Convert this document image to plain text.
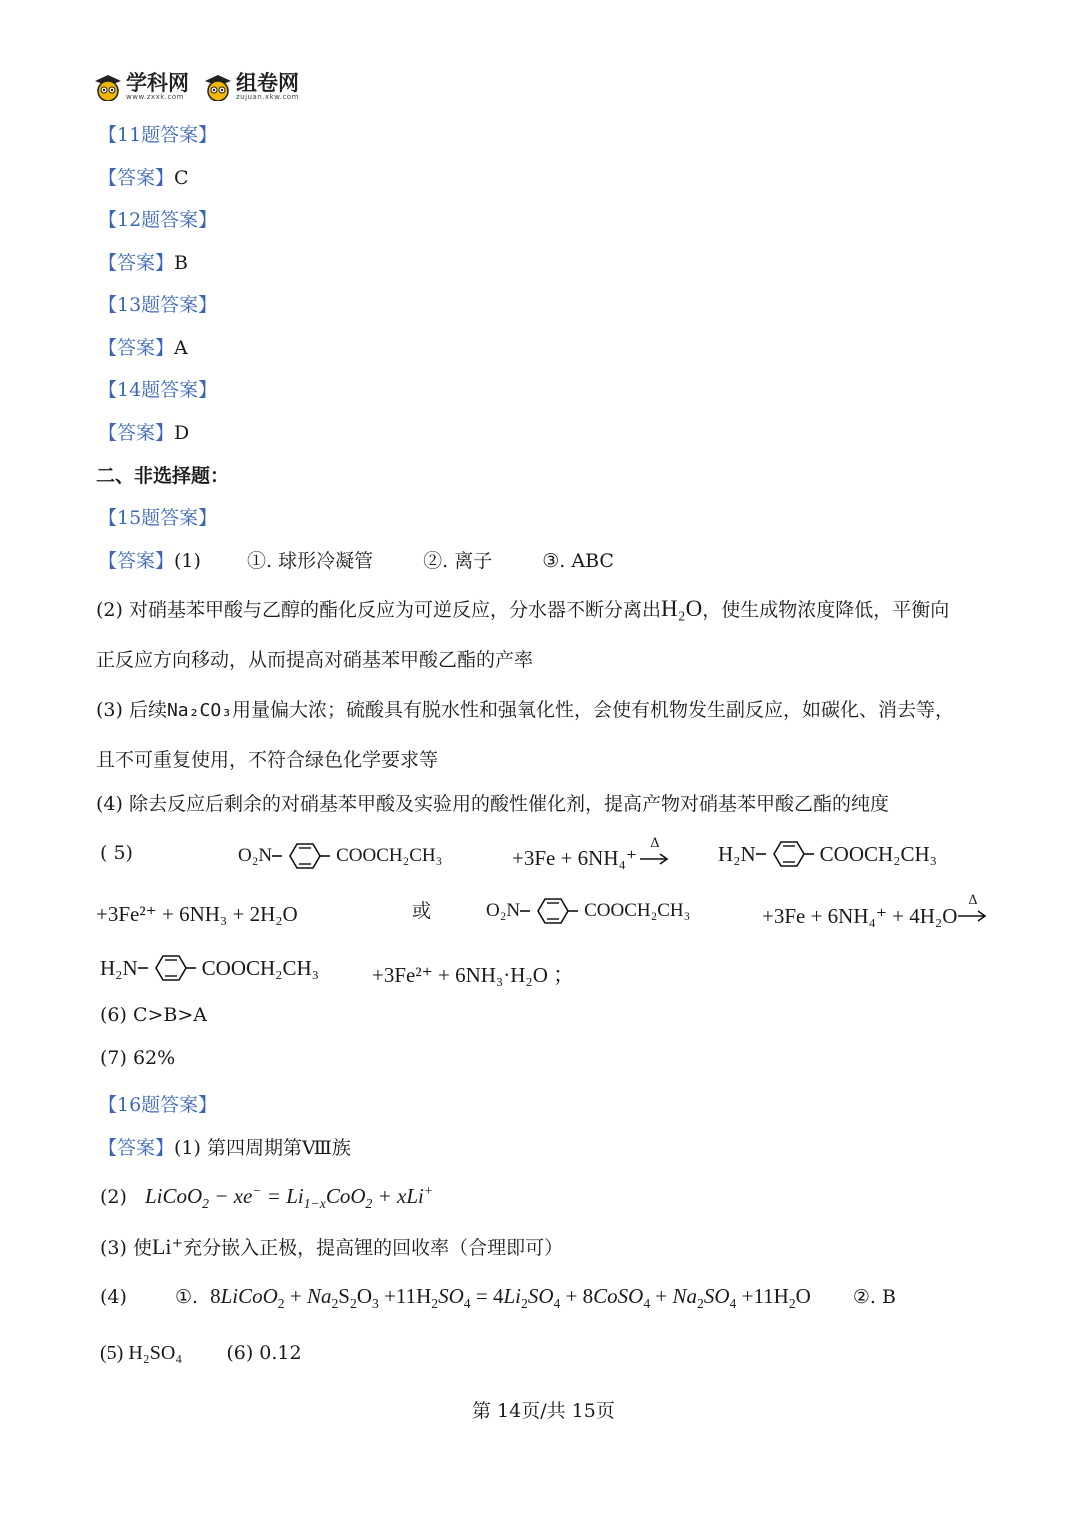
学科网
www.zxxk.com
组卷网
zujuan.xkw.com
【11题答案】
【答案】C
【12题答案】
【答案】B
【13题答案】
【答案】A
【14题答案】
【答案】D
二、非选择题：
【15题答案】
【答案】(1) ①. 球形冷凝管	②. 离子	③. ABC
(2) 对硝基苯甲酸与乙醇的酯化反应为可逆反应，分水器不断分离出H₂O，使生成物浓度降低，平衡向
正反应方向移动，从而提高对硝基苯甲酸乙酯的产率
(3) 后续Na₂CO₃用量偏大浓；硫酸具有脱水性和强氧化性，会使有机物发生副反应，如碳化、消去等，
且不可重复使用，不符合绿色化学要求等
(4) 除去反应后剩余的对硝基苯甲酸及实验用的酸性催化剂，提高产物对硝基苯甲酸乙酯的纯度
( 5)	O₂N	COOCH₂CH₃	+3Fe + 6NH₄⁺
Δ	H₂N	COOCH₂CH₃
+3Fe²⁺ + 6NH₃ + 2H₂O	或	O₂N	COOCH₂CH₃	+3Fe + 6NH₄⁺ + 4H₂O
Δ
H₂N	COOCH₂CH₃	+3Fe²⁺ + 6NH₃·H₂O ；
(6) C>B>A
(7) 62%
【16题答案】
【答案】(1) 第四周期第Ⅷ族
(2) LiCoO$_2$ − $xe^- = Li_{1-x}CoO_2 + xLi^+$
(3) 使Li⁺充分嵌入正极，提高锂的回收率（合理即可）
(4)	①. 8LiCoO$_2$ + $Na_2S_2O_3 +11H_2SO_4 = 4Li_2SO_4$ + 8CoSO$_4$ + $Na_2SO_4 +11H_2O$ ②. B
(5) H₂SO₄ (6) 0.12
第 14页/共 15页
